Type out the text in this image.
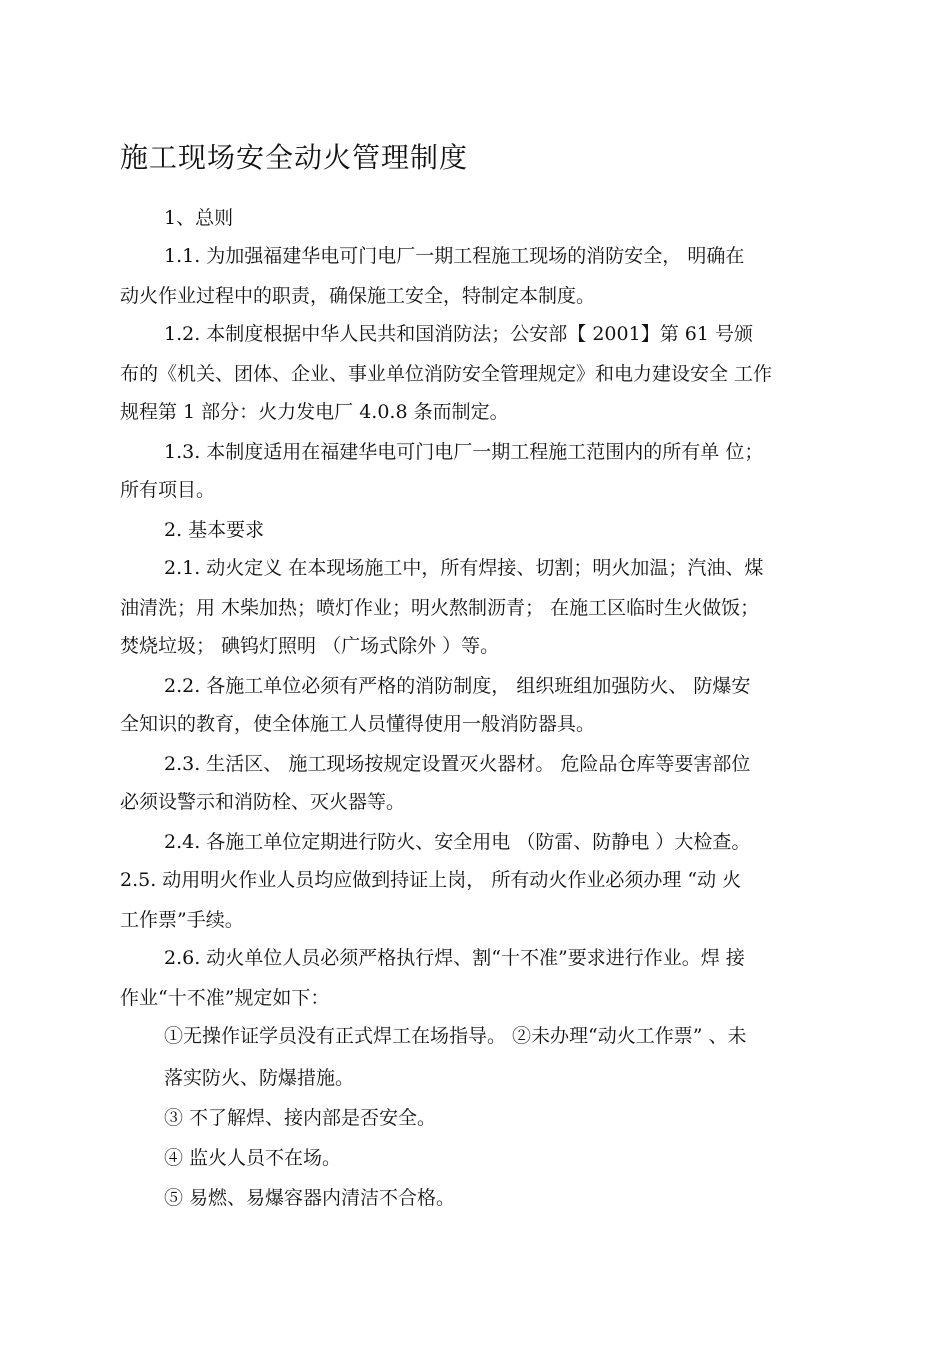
施工现场安全动火管理制度
1、总则
1.1. 为加强福建华电可门电厂一期工程施工现场的消防安全， 明确在
动火作业过程中的职责，确保施工安全，特制定本制度。
1.2. 本制度根据中华人民共和国消防法；公安部【 2001】第 61 号颁
布的《机关、团体、企业、事业单位消防安全管理规定》和电力建设安全 工作
规程第 1 部分：火力发电厂 4.0.8 条而制定。
1.3. 本制度适用在福建华电可门电厂一期工程施工范围内的所有单 位；
所有项目。
2. 基本要求
2.1. 动火定义 在本现场施工中，所有焊接、切割；明火加温；汽油、煤
油清洗；用 木柴加热；喷灯作业；明火熬制沥青； 在施工区临时生火做饭；
焚烧垃圾； 碘钨灯照明 （广场式除外 ）等。
2.2. 各施工单位必须有严格的消防制度， 组织班组加强防火、 防爆安
全知识的教育，使全体施工人员懂得使用一般消防器具。
2.3. 生活区、 施工现场按规定设置灭火器材。 危险品仓库等要害部位
必须设警示和消防栓、灭火器等。
2.4. 各施工单位定期进行防火、安全用电 （防雷、防静电 ）大检查。
2.5. 动用明火作业人员均应做到持证上岗， 所有动火作业必须办理 “动 火
工作票”手续。
2.6. 动火单位人员必须严格执行焊、割“十不准”要求进行作业。焊 接
作业“十不准”规定如下：
①无操作证学员没有正式焊工在场指导。 ②未办理“动火工作票” 、未
落实防火、防爆措施。
③ 不了解焊、接内部是否安全。
④ 监火人员不在场。
⑤ 易燃、易爆容器内清洁不合格。
